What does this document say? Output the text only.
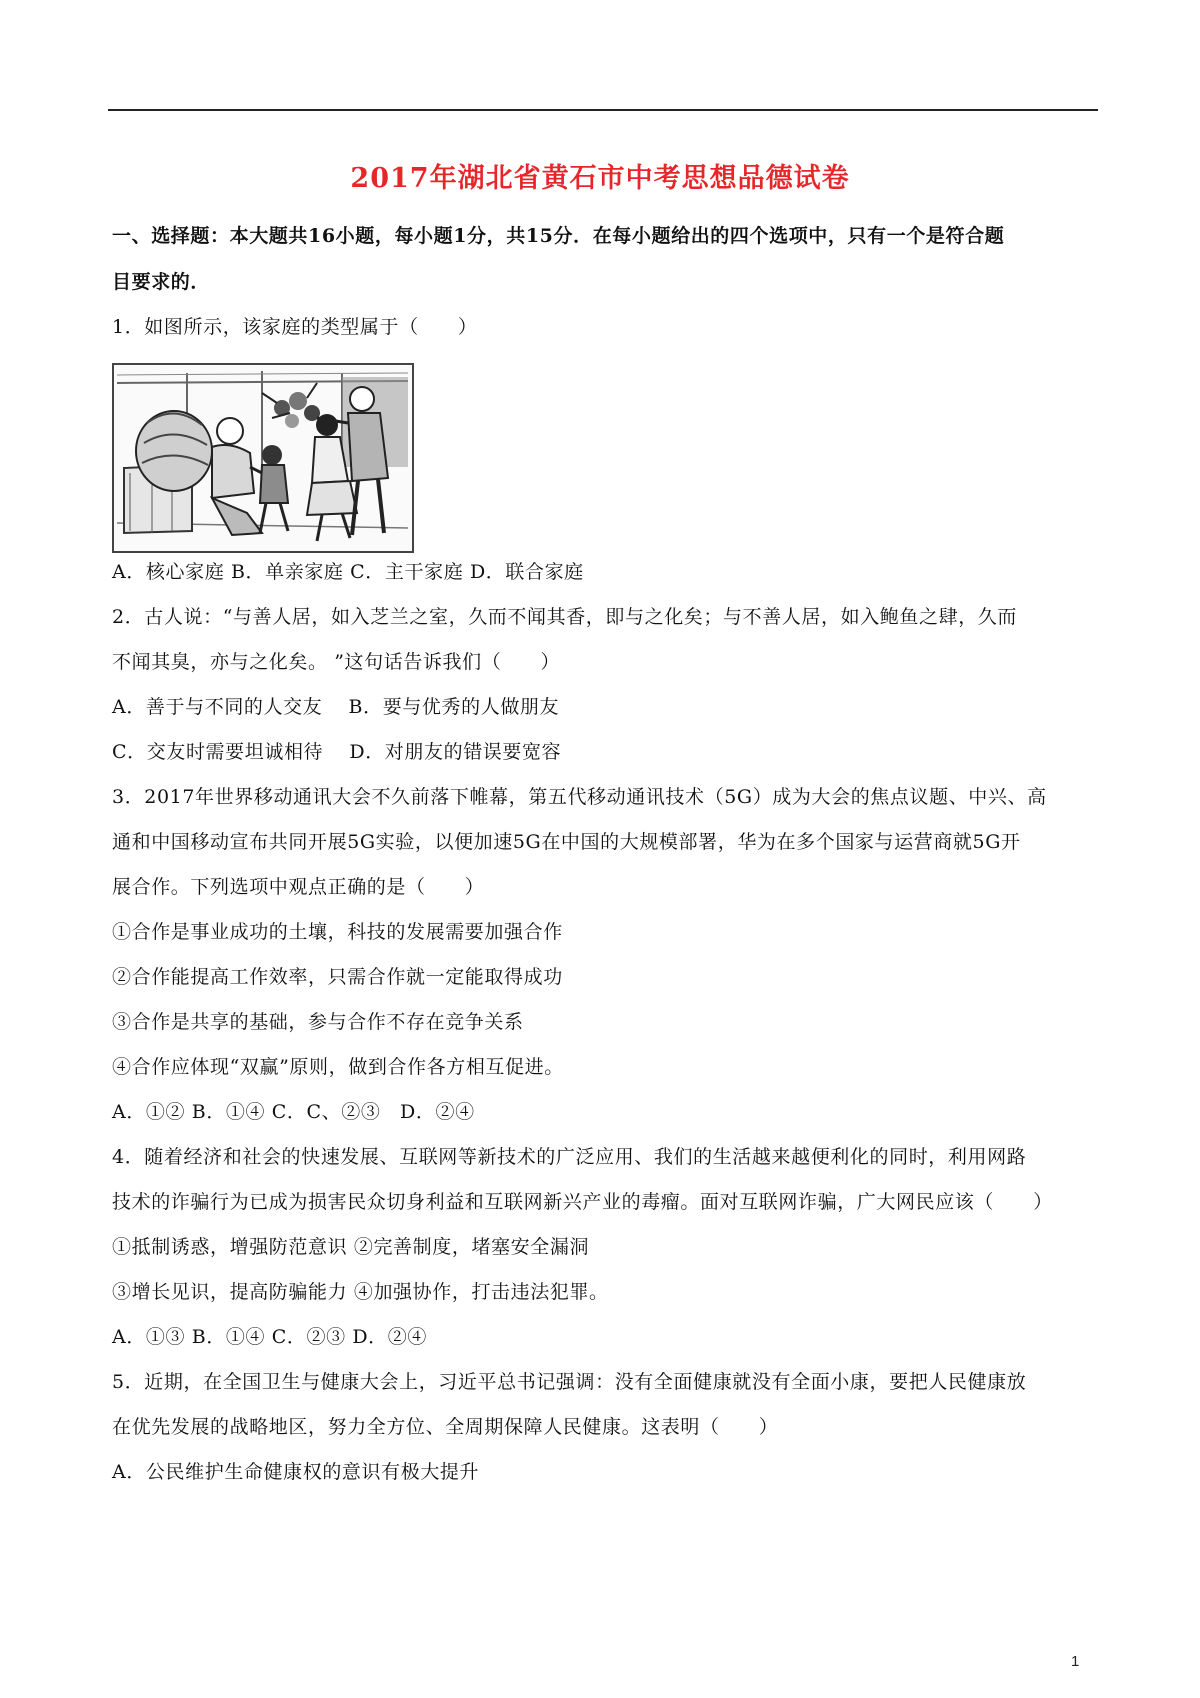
2017年湖北省黄石市中考思想品德试卷
一、选择题：本大题共16小题，每小题1分，共15分．在每小题给出的四个选项中，只有一个是符合题
目要求的．
1．如图所示，该家庭的类型属于（　　）
A．核心家庭 B．单亲家庭 C．主干家庭 D．联合家庭
2．古人说：“与善人居，如入芝兰之室，久而不闻其香，即与之化矣；与不善人居，如入鲍鱼之肆，久而
不闻其臭，亦与之化矣。 ”这句话告诉我们（　　）
A．善于与不同的人交友　 B．要与优秀的人做朋友
C．交友时需要坦诚相待　 D．对朋友的错误要宽容
3．2017年世界移动通讯大会不久前落下帷幕，第五代移动通讯技术（5G）成为大会的焦点议题、中兴、高
通和中国移动宣布共同开展5G实验，以便加速5G在中国的大规模部署，华为在多个国家与运营商就5G开
展合作。下列选项中观点正确的是（　　）
①合作是事业成功的土壤，科技的发展需要加强合作
②合作能提高工作效率，只需合作就一定能取得成功
③合作是共享的基础，参与合作不存在竞争关系
④合作应体现“双赢”原则，做到合作各方相互促进。
A．①② B．①④ C．C、②③　D．②④
4．随着经济和社会的快速发展、互联网等新技术的广泛应用、我们的生活越来越便利化的同时，利用网路
技术的诈骗行为已成为损害民众切身利益和互联网新兴产业的毒瘤。面对互联网诈骗，广大网民应该（　　）
①抵制诱惑，增强防范意识 ②完善制度，堵塞安全漏洞
③增长见识，提高防骗能力 ④加强协作，打击违法犯罪。
A．①③ B．①④ C．②③ D．②④
5．近期，在全国卫生与健康大会上，习近平总书记强调：没有全面健康就没有全面小康，要把人民健康放
在优先发展的战略地区，努力全方位、全周期保障人民健康。这表明（　　）
A．公民维护生命健康权的意识有极大提升
1
